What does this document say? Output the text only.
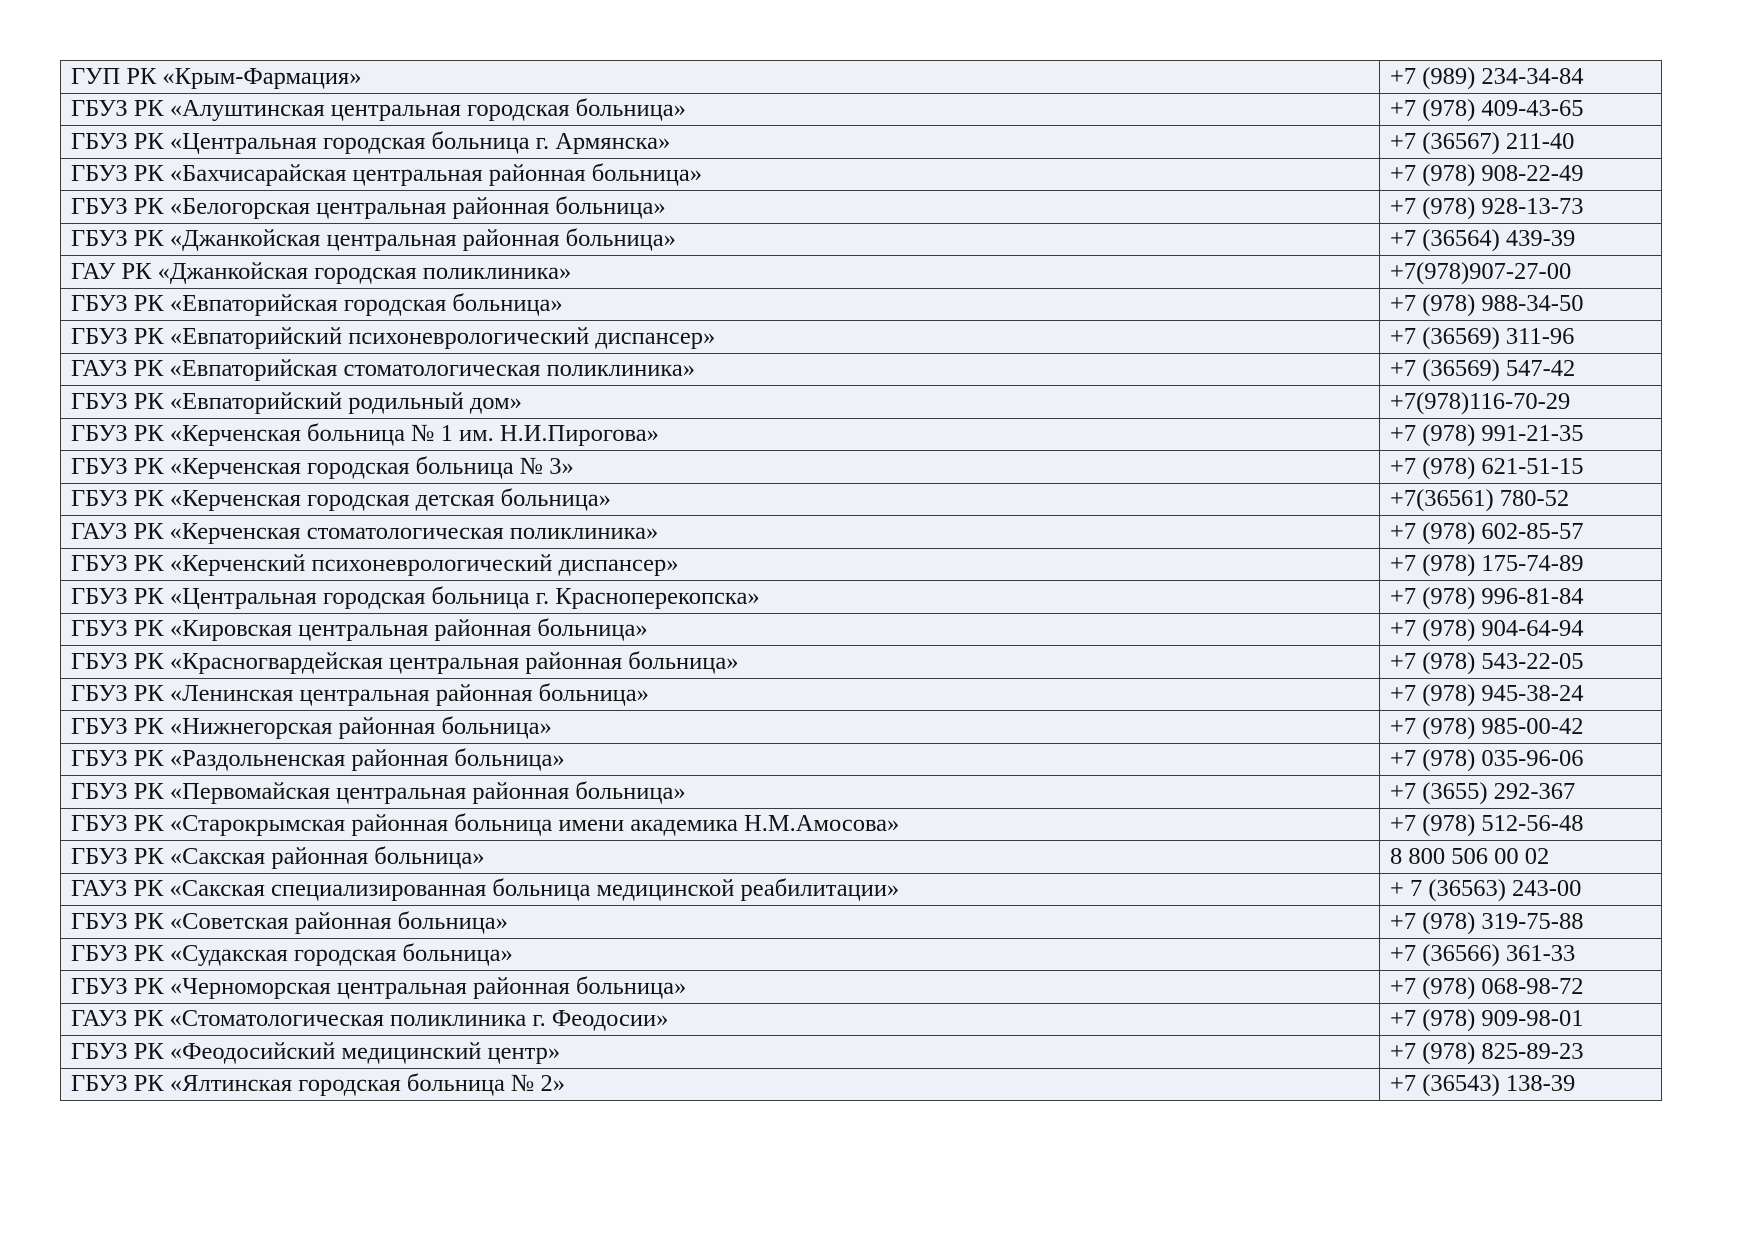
ГУП РК «Крым-Фармация»	+7 (989) 234-34-84
ГБУЗ РК «Алуштинская центральная городская больница»	+7 (978) 409-43-65
ГБУЗ РК «Центральная городская больница г. Армянска»	+7 (36567) 211-40
ГБУЗ РК «Бахчисарайская центральная районная больница»	+7 (978) 908-22-49
ГБУЗ РК «Белогорская центральная районная больница»	+7 (978) 928-13-73
ГБУЗ РК «Джанкойская центральная районная больница»	+7 (36564) 439-39
ГАУ РК «Джанкойская городская поликлиника»	+7(978)907-27-00
ГБУЗ РК «Евпаторийская городская больница»	+7 (978) 988-34-50
ГБУЗ РК «Евпаторийский психоневрологический диспансер»	+7 (36569) 311-96
ГАУЗ РК «Евпаторийская стоматологическая поликлиника»	+7 (36569) 547-42
ГБУЗ РК «Евпаторийский родильный дом»	+7(978)116-70-29
ГБУЗ РК «Керченская больница № 1 им. Н.И.Пирогова»	+7 (978) 991-21-35
ГБУЗ РК «Керченская городская больница № 3»	+7 (978) 621-51-15
ГБУЗ РК «Керченская городская детская больница»	+7(36561) 780-52
ГАУЗ РК «Керченская стоматологическая поликлиника»	+7 (978) 602-85-57
ГБУЗ РК «Керченский психоневрологический диспансер»	+7 (978) 175-74-89
ГБУЗ РК «Центральная городская больница г. Красноперекопска»	+7 (978) 996-81-84
ГБУЗ РК «Кировская центральная районная больница»	+7 (978) 904-64-94
ГБУЗ РК «Красногвардейская центральная районная больница»	+7 (978) 543-22-05
ГБУЗ РК «Ленинская центральная районная больница»	+7 (978) 945-38-24
ГБУЗ РК «Нижнегорская районная больница»	+7 (978) 985-00-42
ГБУЗ РК «Раздольненская районная больница»	+7 (978) 035-96-06
ГБУЗ РК «Первомайская центральная районная больница»	+7 (3655) 292-367
ГБУЗ РК «Старокрымская районная больница имени академика Н.М.Амосова»	+7 (978) 512-56-48
ГБУЗ РК «Сакская районная больница»	8 800 506 00 02
ГАУЗ РК «Сакская специализированная больница медицинской реабилитации»	+ 7 (36563) 243-00
ГБУЗ РК «Советская районная больница»	+7 (978) 319-75-88
ГБУЗ РК «Судакская городская больница»	+7 (36566) 361-33
ГБУЗ РК «Черноморская центральная районная больница»	+7 (978) 068-98-72
ГАУЗ РК «Стоматологическая поликлиника г. Феодосии»	+7 (978) 909-98-01
ГБУЗ РК «Феодосийский медицинский центр»	+7 (978) 825-89-23
ГБУЗ РК «Ялтинская городская больница № 2»	+7 (36543) 138-39
